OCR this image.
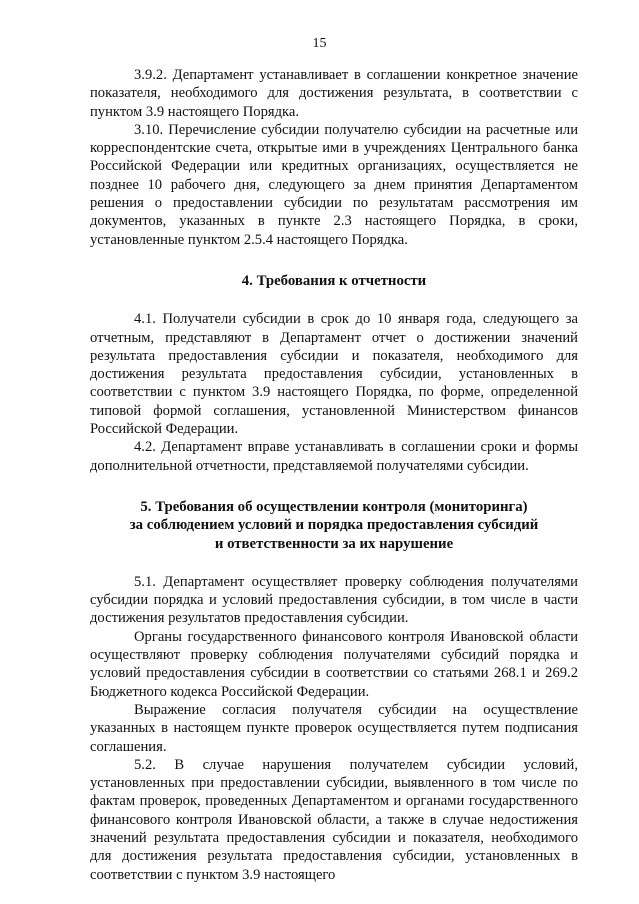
15

3.9.2. Департамент устанавливает в соглашении конкретное значение показателя, необходимого для достижения результата, в соответствии с пунктом 3.9 настоящего Порядка.

3.10. Перечисление субсидии получателю субсидии на расчетные или корреспондентские счета, открытые ими в учреждениях Центрального банка Российской Федерации или кредитных организациях, осуществляется не позднее 10 рабочего дня, следующего за днем принятия Департаментом решения о предоставлении субсидии по результатам рассмотрения им документов, указанных в пункте 2.3 настоящего Порядка, в сроки, установленные пунктом 2.5.4 настоящего Порядка.

4. Требования к отчетности

4.1. Получатели субсидии в срок до 10 января года, следующего за отчетным, представляют в Департамент отчет о достижении значений результата предоставления субсидии и показателя, необходимого для достижения результата предоставления субсидии, установленных в соответствии с пунктом 3.9 настоящего Порядка, по форме, определенной типовой формой соглашения, установленной Министерством финансов Российской Федерации.

4.2. Департамент вправе устанавливать в соглашении сроки и формы дополнительной отчетности, представляемой получателями субсидии.

5. Требования об осуществлении контроля (мониторинга)
за соблюдением условий и порядка предоставления субсидий
и ответственности за их нарушение

5.1. Департамент осуществляет проверку соблюдения получателями субсидии порядка и условий предоставления субсидии, в том числе в части достижения результатов предоставления субсидии.

Органы государственного финансового контроля Ивановской области осуществляют проверку соблюдения получателями субсидий порядка и условий предоставления субсидии в соответствии со статьями 268.1 и 269.2 Бюджетного кодекса Российской Федерации.

Выражение согласия получателя субсидии на осуществление указанных в настоящем пункте проверок осуществляется путем подписания соглашения.

5.2. В случае нарушения получателем субсидии условий, установленных при предоставлении субсидии, выявленного в том числе по фактам проверок, проведенных Департаментом и органами государственного финансового контроля Ивановской области, а также в случае недостижения значений результата предоставления субсидии и показателя, необходимого для достижения результата предоставления субсидии, установленных в соответствии с пунктом 3.9 настоящего
